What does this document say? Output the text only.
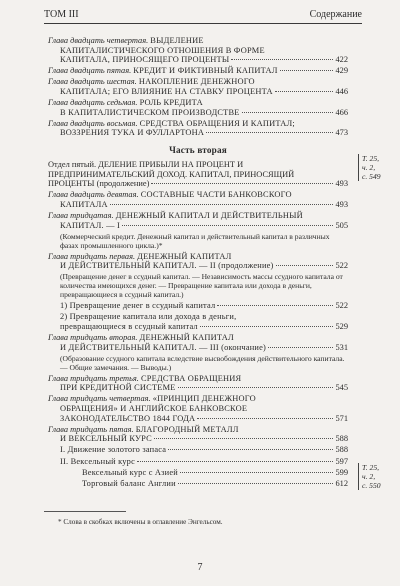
ТОМ III	Содержание
Глава двадцать четвертая. ВЫДЕЛЕНИЕ
КАПИТАЛИСТИЧЕСКОГО ОТНОШЕНИЯ В ФОРМЕ
КАПИТАЛА, ПРИНОСЯЩЕГО ПРОЦЕНТЫ	422
Глава двадцать пятая. КРЕДИТ И ФИКТИВНЫЙ КАПИТАЛ	429
Глава двадцать шестая. НАКОПЛЕНИЕ ДЕНЕЖНОГО
КАПИТАЛА; ЕГО ВЛИЯНИЕ НА СТАВКУ ПРОЦЕНТА	446
Глава двадцать седьмая. РОЛЬ КРЕДИТА
В КАПИТАЛИСТИЧЕСКОМ ПРОИЗВОДСТВЕ	466
Глава двадцать восьмая. СРЕДСТВА ОБРАЩЕНИЯ И КАПИТАЛ;
ВОЗЗРЕНИЯ ТУКА И ФУЛЛАРТОНА	473
Часть вторая
Отдел пятый. ДЕЛЕНИЕ ПРИБЫЛИ НА ПРОЦЕНТ И
ПРЕДПРИНИМАТЕЛЬСКИЙ ДОХОД. КАПИТАЛ, ПРИНОСЯЩИЙ
ПРОЦЕНТЫ (продолжение)	493
Глава двадцать девятая. СОСТАВНЫЕ ЧАСТИ БАНКОВСКОГО
КАПИТАЛА	493
Глава тридцатая. ДЕНЕЖНЫЙ КАПИТАЛ И ДЕЙСТВИТЕЛЬНЫЙ
КАПИТАЛ. — I	505
(Коммерческий кредит. Денежный капитал и действительный капитал в различных фазах промышленного цикла.)*
Глава тридцать первая. ДЕНЕЖНЫЙ КАПИТАЛ
И ДЕЙСТВИТЕЛЬНЫЙ КАПИТАЛ. — II (продолжение)	522
(Превращение денег в ссудный капитал. — Независимость массы ссудного капитала от количества имеющихся денег. — Превращение капитала или дохода в деньги, превращающиеся в ссудный капитал.)
1) Превращение денег в ссудный капитал	522
2) Превращение капитала или дохода в деньги,
превращающиеся в ссудный капитал	529
Глава тридцать вторая. ДЕНЕЖНЫЙ КАПИТАЛ
И ДЕЙСТВИТЕЛЬНЫЙ КАПИТАЛ. — III (окончание)	531
(Образование ссудного капитала вследствие высвобождения действительного капитала. — Общие замечания. — Выводы.)
Глава тридцать третья. СРЕДСТВА ОБРАЩЕНИЯ
ПРИ КРЕДИТНОЙ СИСТЕМЕ	545
Глава тридцать четвертая. «ПРИНЦИП ДЕНЕЖНОГО
ОБРАЩЕНИЯ» И АНГЛИЙСКОЕ БАНКОВСКОЕ
ЗАКОНОДАТЕЛЬСТВО 1844 ГОДА	571
Глава тридцать пятая. БЛАГОРОДНЫЙ МЕТАЛЛ
И ВЕКСЕЛЬНЫЙ КУРС	588
I. Движение золотого запаса	588
II. Вексельный курс	597
Вексельный курс с Азией	599
Торговый баланс Англии	612
Т. 25,
ч. 2,
с. 549
Т. 25,
ч. 2,
с. 550
* Слова в скобках включены в оглавление Энгельсом.
7
